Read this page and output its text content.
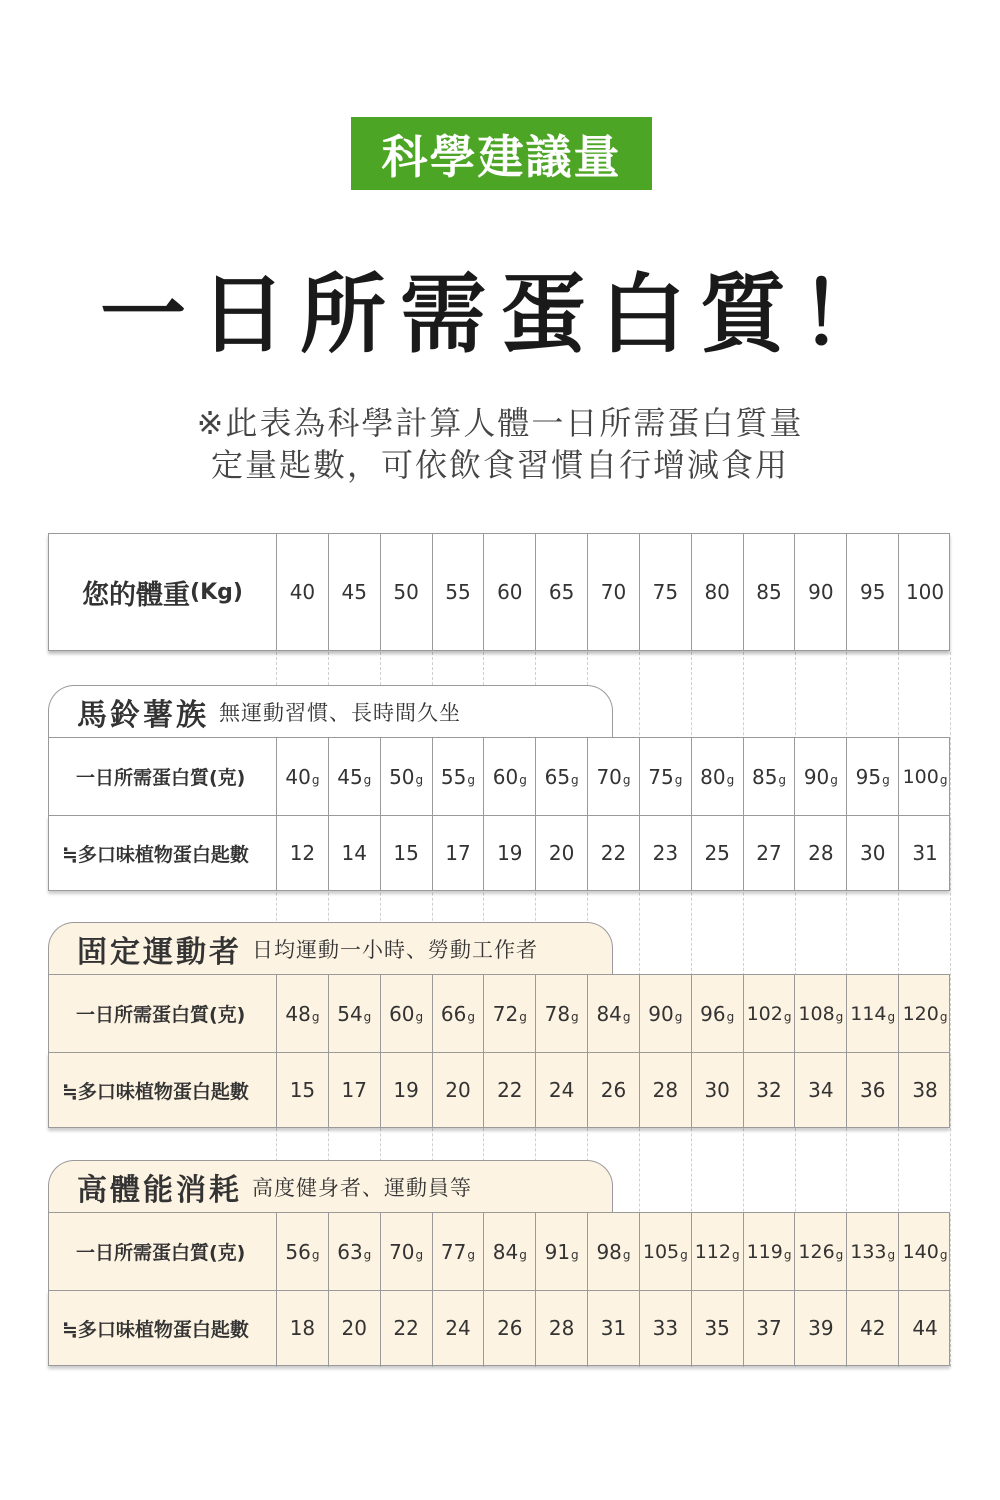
科學建議量
一日所需蛋白質！
※此表為科學計算人體一日所需蛋白質量
定量匙數，可依飲食習慣自行增減食用
您的體重 (Kg)	40	45	50	55	60	65	70	75	80	85	90	95	100
馬鈴薯族 無運動習慣、長時間久坐
一日所需蛋白質(克)	40 g 45 g 50 g 55 g 60 g 65 g 70 g 75 g 80 g 85 g 90 g 95 g 100 g
≒多口味植物蛋白匙數	12	14	15	17	19	20	22	23	25	27	28	30	31
固定運動者 日均運動一小時、勞動工作者
一日所需蛋白質(克)	48 g 54 g 60 g 66 g 72 g 78 g 84 g 90 g 96 g 102 g 108 g 114 g 120 g
≒多口味植物蛋白匙數	15	17	19	20	22	24	26	28	30	32	34	36	38
高體能消耗 高度健身者、運動員等
一日所需蛋白質(克)	56 g 63 g 70 g 77 g 84 g 91 g 98 g 105 g 112 g 119 g 126 g 133 g 140 g
≒多口味植物蛋白匙數	18	20	22	24	26	28	31	33	35	37	39	42	44
